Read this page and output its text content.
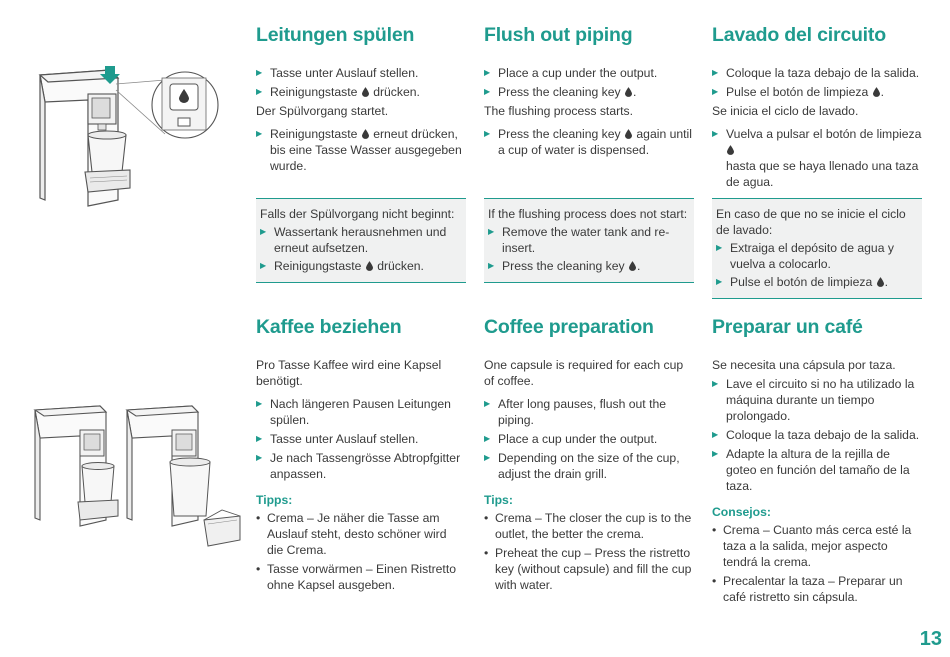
Leitungen spülen
▶ Tasse unter Auslauf stellen.
▶ Reinigungstaste drücken.

Der Spülvorgang startet.

▶ Reinigungstaste erneut drücken, bis eine Tasse Wasser ausgegeben wurde.

Falls der Spülvorgang nicht beginnt:

▶ Wassertank herausnehmen und erneut aufsetzen.
▶ Reinigungstaste drücken.
Flush out piping
▶ Place a cup under the output.
▶ Press the cleaning key .

The flushing process starts.

▶ Press the cleaning key again until a cup of water is dispensed.

If the flushing process does not start:

▶ Remove the water tank and re-insert.
▶ Press the cleaning key .
Lavado del circuito
▶ Coloque la taza debajo de la salida.
▶ Pulse el botón de limpieza .

Se inicia el ciclo de lavado.

▶ Vuelva a pulsar el botón de limpieza

hasta que se haya llenado una taza de agua.

En caso de que no se inicie el ciclo de lavado:

▶ Extraiga el depósito de agua y vuelva a colocarlo.
▶ Pulse el botón de limpieza .
Kaffee beziehen

Pro Tasse Kaffee wird eine Kapsel benötigt.

▶ Nach längeren Pausen Leitungen spülen.
▶ Tasse unter Auslauf stellen.
▶ Je nach Tassengrösse Abtropfgitter anpassen.
Tipps:
• Crema – Je näher die Tasse am Auslauf steht, desto schöner wird die Crema.
• Tasse vorwärmen – Einen Ristretto ohne Kapsel ausgeben.
Coffee preparation

One capsule is required for each cup of coffee.

▶ After long pauses, flush out the piping.
▶ Place a cup under the output.
▶ Depending on the size of the cup, adjust the drain grill.
Tips:
• Crema – The closer the cup is to the outlet, the better the crema.
• Preheat the cup – Press the ristretto key (without capsule) and fill the cup with water.
Preparar un café

Se necesita una cápsula por taza.

▶ Lave el circuito si no ha utilizado la máquina durante un tiempo prolongado.
▶ Coloque la taza debajo de la salida.
▶ Adapte la altura de la rejilla de goteo en función del tamaño de la taza.
Consejos:
• Crema – Cuanto más cerca esté la taza a la salida, mejor aspecto tendrá la crema.
• Precalentar la taza – Preparar un café ristretto sin cápsula.
13
